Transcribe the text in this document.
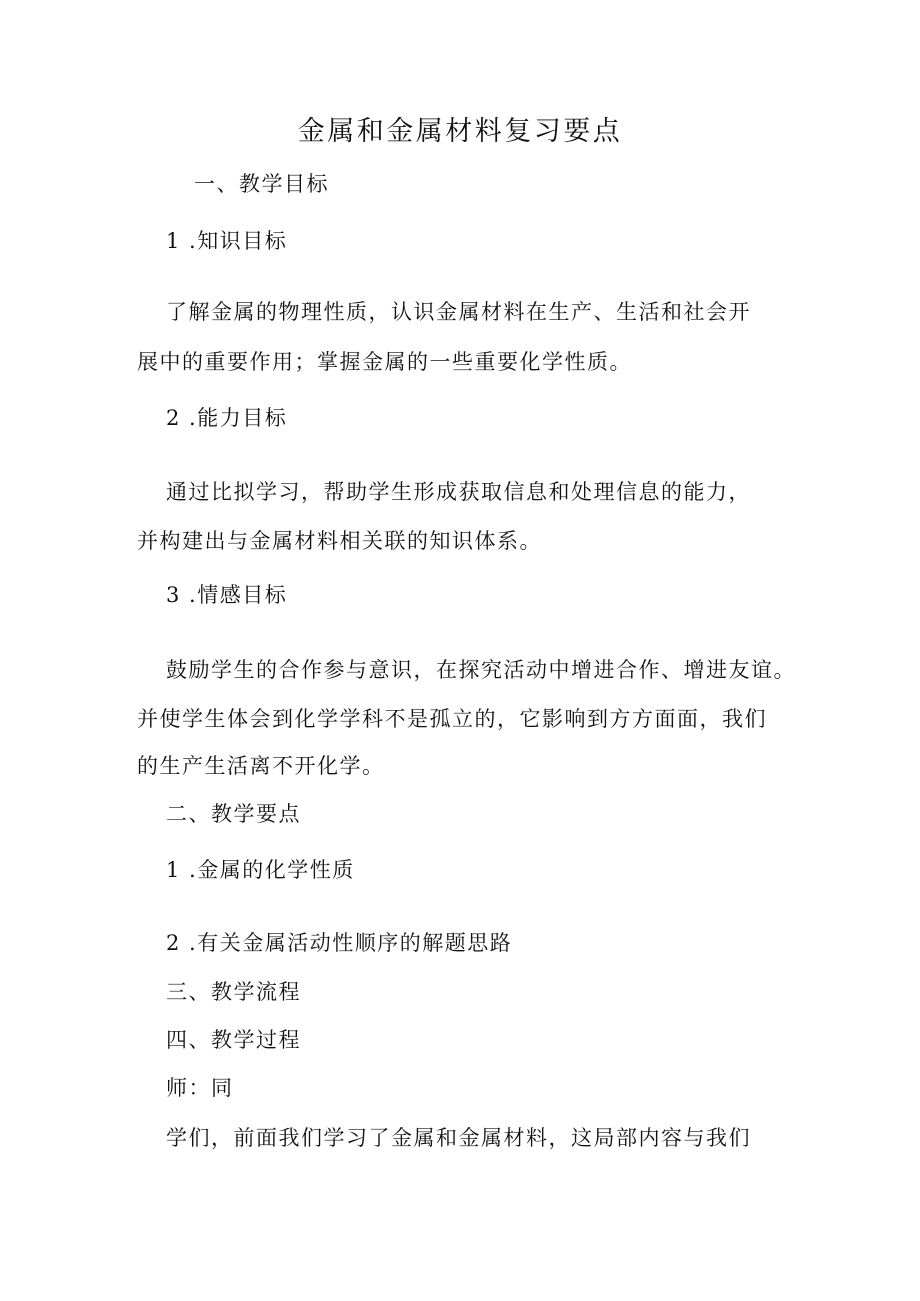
金属和金属材料复习要点

一、教学目标

1 .知识目标

了解金属的物理性质，认识金属材料在生产、生活和社会开

展中的重要作用；掌握金属的一些重要化学性质。

2 .能力目标

通过比拟学习，帮助学生形成获取信息和处理信息的能力，

并构建出与金属材料相关联的知识体系。

3 .情感目标

鼓励学生的合作参与意识，在探究活动中增进合作、增进友谊。

并使学生体会到化学学科不是孤立的，它影响到方方面面，我们

的生产生活离不开化学。

二、教学要点

1 .金属的化学性质

2 .有关金属活动性顺序的解题思路

三、教学流程

四、教学过程

师：同

学们，前面我们学习了金属和金属材料，这局部内容与我们
